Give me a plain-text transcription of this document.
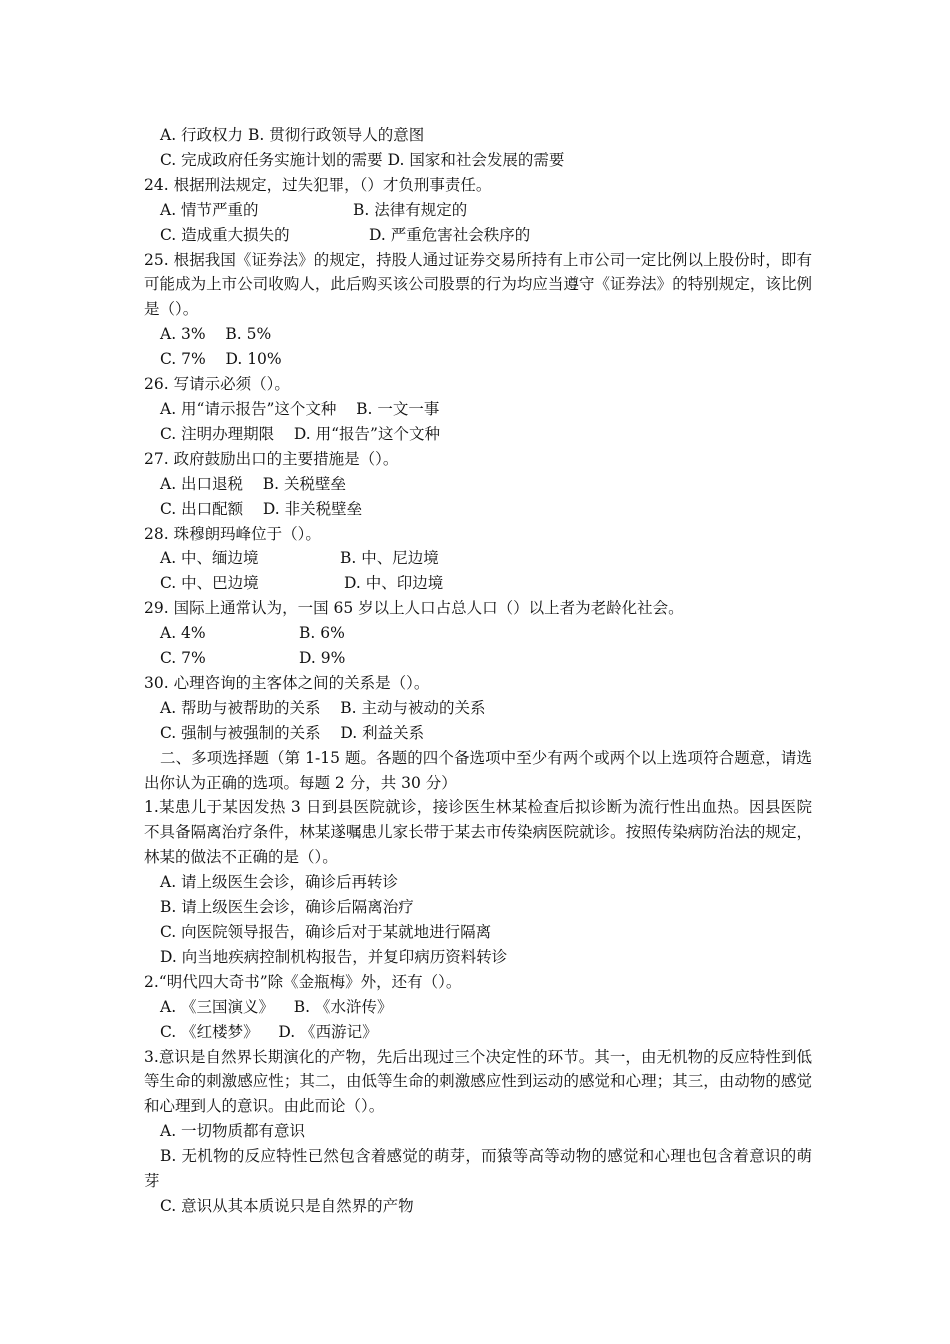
A. 行政权力 B. 贯彻行政领导人的意图
C. 完成政府任务实施计划的需要 D. 国家和社会发展的需要
24. 根据刑法规定，过失犯罪，（）才负刑事责任。
A. 情节严重的	B. 法律有规定的
C. 造成重大损失的	D. 严重危害社会秩序的
25. 根据我国《证券法》的规定，持股人通过证券交易所持有上市公司一定比例以上股份时，即有可能成为上市公司收购人，此后购买该公司股票的行为均应当遵守《证券法》的特别规定，该比例是（）。
A. 3%    B. 5%
C. 7%    D. 10%
26. 写请示必须（）。
A. 用“请示报告”这个文种    B. 一文一事
C. 注明办理期限    D. 用“报告”这个文种
27. 政府鼓励出口的主要措施是（）。
A. 出口退税    B. 关税壁垒
C. 出口配额    D. 非关税壁垒
28. 珠穆朗玛峰位于（）。
A. 中、缅边境	B. 中、尼边境
C. 中、巴边境	D. 中、印边境
29. 国际上通常认为，一国 65 岁以上人口占总人口（）以上者为老龄化社会。
A. 4%	B. 6%
C. 7%	D. 9%
30. 心理咨询的主客体之间的关系是（）。
A. 帮助与被帮助的关系    B. 主动与被动的关系
C. 强制与被强制的关系    D. 利益关系
二、多项选择题（第 1-15 题。各题的四个备选项中至少有两个或两个以上选项符合题意，请选出你认为正确的选项。每题 2 分，共 30 分）
1.某患儿于某因发热 3 日到县医院就诊，接诊医生林某检查后拟诊断为流行性出血热。因县医院不具备隔离治疗条件，林某遂嘱患儿家长带于某去市传染病医院就诊。按照传染病防治法的规定，林某的做法不正确的是（）。
A. 请上级医生会诊，确诊后再转诊
B. 请上级医生会诊，确诊后隔离治疗
C. 向医院领导报告，确诊后对于某就地进行隔离
D. 向当地疾病控制机构报告，并复印病历资料转诊
2.“明代四大奇书”除《金瓶梅》外，还有（）。
A. 《三国演义》    B. 《水浒传》
C. 《红楼梦》    D. 《西游记》
3.意识是自然界长期演化的产物，先后出现过三个决定性的环节。其一，由无机物的反应特性到低等生命的刺激感应性；其二，由低等生命的刺激感应性到运动的感觉和心理；其三，由动物的感觉和心理到人的意识。由此而论（）。
A. 一切物质都有意识
B. 无机物的反应特性已然包含着感觉的萌芽，而猿等高等动物的感觉和心理也包含着意识的萌芽
C. 意识从其本质说只是自然界的产物
